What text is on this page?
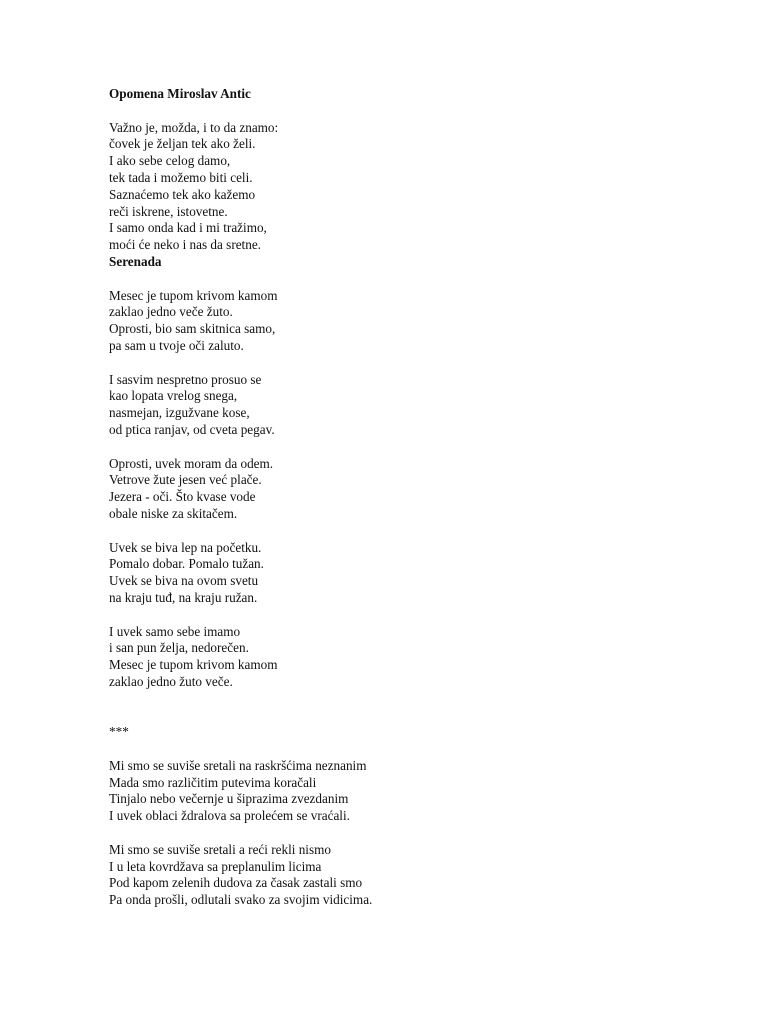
Opomena Miroslav Antic
Važno je, možda, i to da znamo:
čovek je željan tek ako želi.
I ako sebe celog damo,
tek tada i možemo biti celi.
Saznaćemo tek ako kažemo
reči iskrene, istovetne.
I samo onda kad i mi tražimo,
moći će neko i nas da sretne.
Serenada
Mesec je tupom krivom kamom
zaklao jedno veče žuto.
Oprosti, bio sam skitnica samo,
pa sam u tvoje oči zaluto.
I sasvim nespretno prosuo se
kao lopata vrelog snega,
nasmejan, izgužvane kose,
od ptica ranjav, od cveta pegav.
Oprosti, uvek moram da odem.
Vetrove žute jesen već plače.
Jezera - oči. Što kvase vode
obale niske za skitačem.
Uvek se biva lep na početku.
Pomalo dobar. Pomalo tužan.
Uvek se biva na ovom svetu
na kraju tuđ, na kraju ružan.
I uvek samo sebe imamo
i san pun želja, nedorečen.
Mesec je tupom krivom kamom
zaklao jedno žuto veče.
***
Mi smo se suviše sretali na raskršćima neznanim
Mada smo različitim putevima koračali
Tinjalo nebo večernje u šiprazima zvezdanim
I uvek oblaci ždralova sa prolećem se vraćali.
Mi smo se suviše sretali a reći rekli nismo
I u leta kovrdžava sa preplanulim licima
Pod kapom zelenih dudova za časak zastali smo
Pa onda prošli, odlutali svako za svojim vidicima.
